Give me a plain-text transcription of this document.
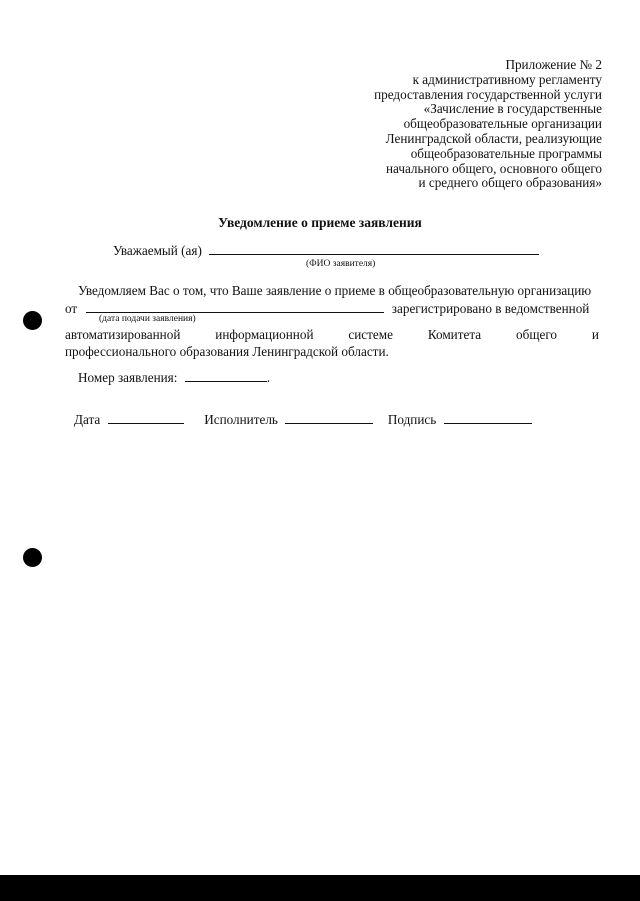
Приложение № 2
к административному регламенту
предоставления государственной услуги
«Зачисление в государственные
общеобразовательные организации
Ленинградской области, реализующие
общеобразовательные программы
начального общего, основного общего
и среднего общего образования»
Уведомление о приеме заявления
Уважаемый (ая)
(ФИО заявителя)
Уведомляем Вас о том, что Ваше заявление о приеме в общеобразовательную организацию
от	зарегистрировано в ведомственной
автоматизированной	информационной	системе	Комитета	общего	и
профессионального образования Ленинградской области.
(дата подачи заявления)
Номер заявления:	.
Дата	Исполнитель	Подпись
